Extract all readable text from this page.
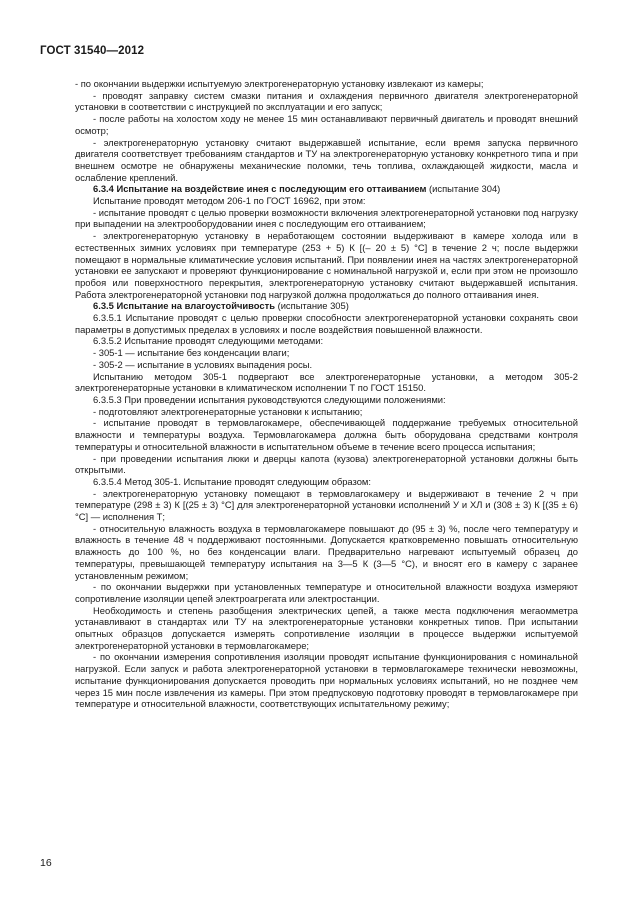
ГОСТ 31540—2012

- по окончании выдержки испытуемую электрогенераторную установку извлекают из камеры;

- проводят заправку систем смазки питания и охлаждения первичного двигателя электрогенераторной установки в соответствии с инструкцией по эксплуатации и его запуск;

- после работы на холостом ходу не менее 15 мин останавливают первичный двигатель и проводят внешний осмотр;

- электрогенераторную установку считают выдержавшей испытание, если время запуска первичного двигателя соответствует требованиям стандартов и ТУ на электрогенераторную установку конкретного типа и при внешнем осмотре не обнаружены механические поломки, течь топлива, охлаждающей жидкости, масла и ослабление креплений.

6.3.4 Испытание на воздействие инея с последующим его оттаиванием (испытание 304)

Испытание проводят методом 206-1 по ГОСТ 16962, при этом:

- испытание проводят с целью проверки возможности включения электрогенераторной установки под нагрузку при выпадении на электрооборудовании инея с последующим его оттаиванием;

- электрогенераторную установку в неработающем состоянии выдерживают в камере холода или в естественных зимних условиях при температуре (253 + 5) К [(– 20 ± 5) °С] в течение 2 ч; после выдержки помещают в нормальные климатические условия испытаний. При появлении инея на частях электрогенераторной установки ее запускают и проверяют функционирование с номинальной нагрузкой и, если при этом не произошло пробоя или поверхностного перекрытия, электрогенераторную установку считают выдержавшей испытания. Работа электрогенераторной установки под нагрузкой должна продолжаться до полного оттаивания инея.

6.3.5 Испытание на влагоустойчивость (испытание 305)

6.3.5.1 Испытание проводят с целью проверки способности электрогенераторной установки сохранять свои параметры в допустимых пределах в условиях и после воздействия повышенной влажности.

6.3.5.2 Испытание проводят следующими методами:

- 305-1 — испытание без конденсации влаги;

- 305-2 — испытание в условиях выпадения росы.

Испытанию методом 305-1 подвергают все электрогенераторные установки, а методом 305-2 электрогенераторные установки в климатическом исполнении Т по ГОСТ 15150.

6.3.5.3 При проведении испытания руководствуются следующими положениями:

- подготовляют электрогенераторные установки к испытанию;

- испытание проводят в термовлагокамере, обеспечивающей поддержание требуемых относительной влажности и температуры воздуха. Термовлагокамера должна быть оборудована средствами контроля температуры и относительной влажности в испытательном объеме в течение всего процесса испытания;

- при проведении испытания люки и дверцы капота (кузова) электрогенераторной установки должны быть открытыми.

6.3.5.4 Метод 305-1. Испытание проводят следующим образом:

- электрогенераторную установку помещают в термовлагокамеру и выдерживают в течение 2 ч при температуре (298 ± 3) К [(25 ± 3) °С] для электрогенераторной установки исполнений У и ХЛ и (308 ± 3) К [(35 ± 6) °С] — исполнения Т;

- относительную влажность воздуха в термовлагокамере повышают до (95 ± 3) %, после чего температуру и влажность в течение 48 ч поддерживают постоянными. Допускается кратковременно повышать относительную влажность до 100 %, но без конденсации влаги. Предварительно нагревают испытуемый образец до температуры, превышающей температуру испытания на 3—5 К (3—5 °С), и вносят его в камеру с заранее установленным режимом;

- по окончании выдержки при установленных температуре и относительной влажности воздуха измеряют сопротивление изоляции цепей электроагрегата или электростанции.

Необходимость и степень разобщения электрических цепей, а также места подключения мегаомметра устанавливают в стандартах или ТУ на электрогенераторные установки конкретных типов. При испытании опытных образцов допускается измерять сопротивление изоляции в процессе выдержки испытуемой электрогенераторной установки в термовлагокамере;

- по окончании измерения сопротивления изоляции проводят испытание функционирования с номинальной нагрузкой. Если запуск и работа электрогенераторной установки в термовлагокамере технически невозможны, испытание функционирования допускается проводить при нормальных условиях испытаний, но не позднее чем через 15 мин после извлечения из камеры. При этом предпусковую подготовку проводят в термовлагокамере при температуре и относительной влажности, соответствующих испытательному режиму;

16
